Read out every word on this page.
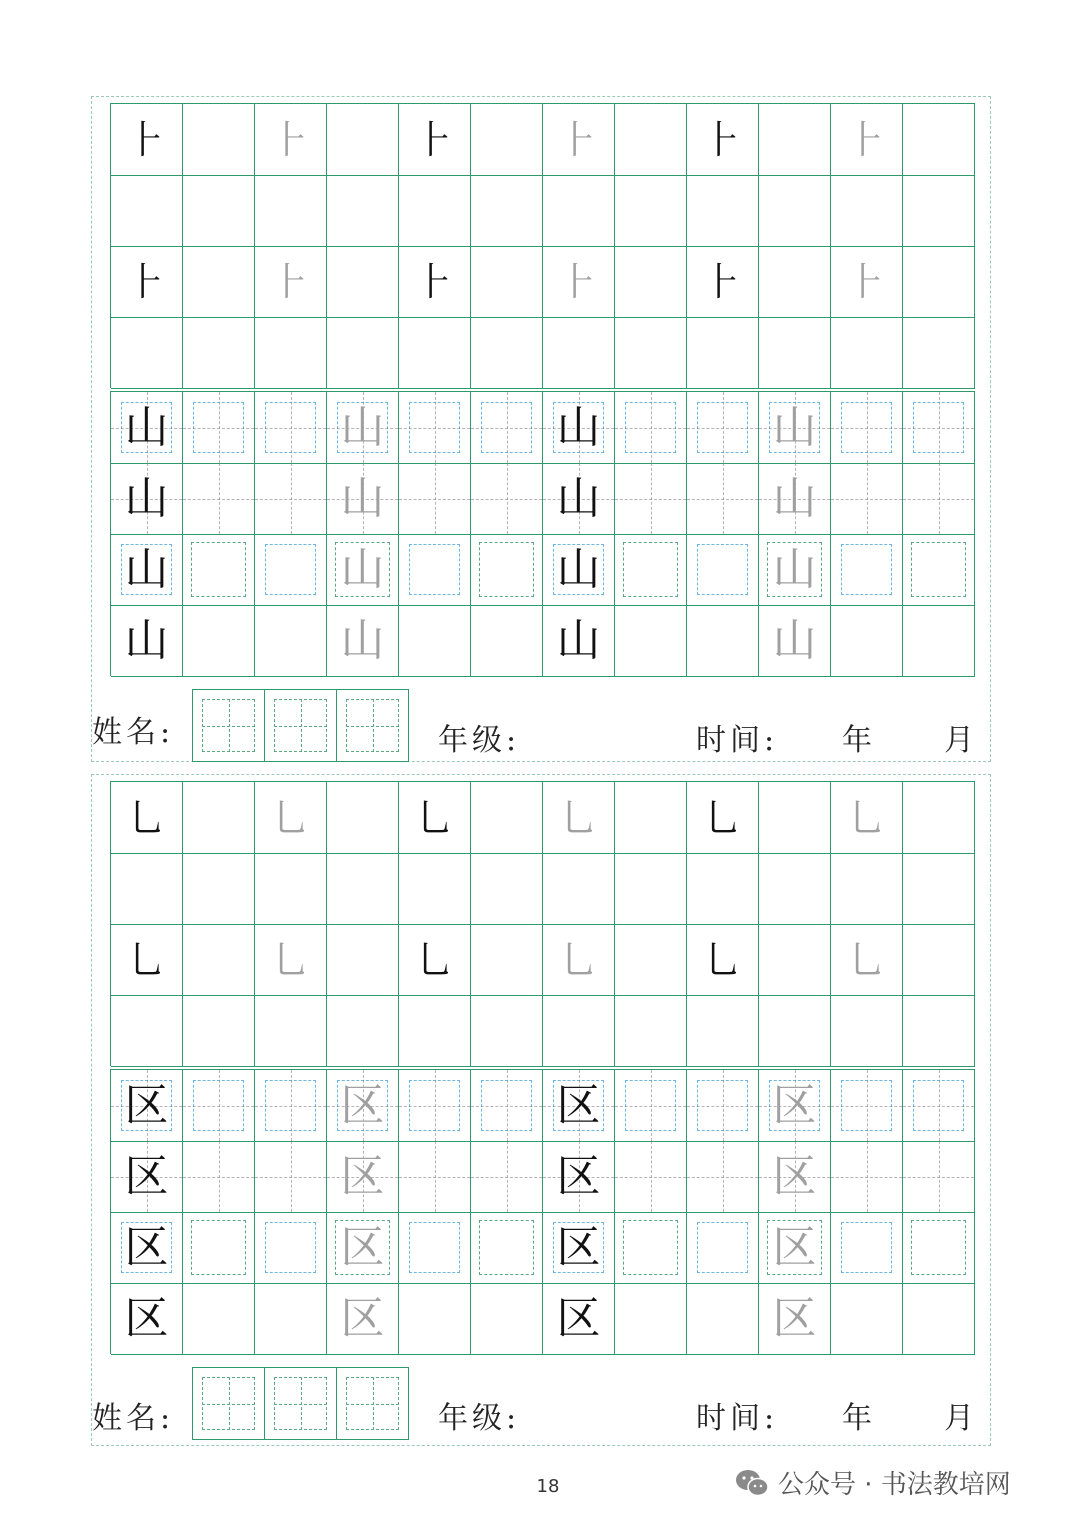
⺊	⺊	⺊	⺊	⺊	⺊
⺊	⺊	⺊	⺊	⺊	⺊
山	山	山	山
山	山	山	山
山	山	山	山
山	山	山	山
姓名:	年级:	时间: 年 月
乚	乚	乚	乚	乚	乚
乚	乚	乚	乚	乚	乚
区	区	区	区
区	区	区	区
区	区	区	区
区	区	区	区
姓名:	年级:	时间: 年 月
18	公众号 · 书法教培网
